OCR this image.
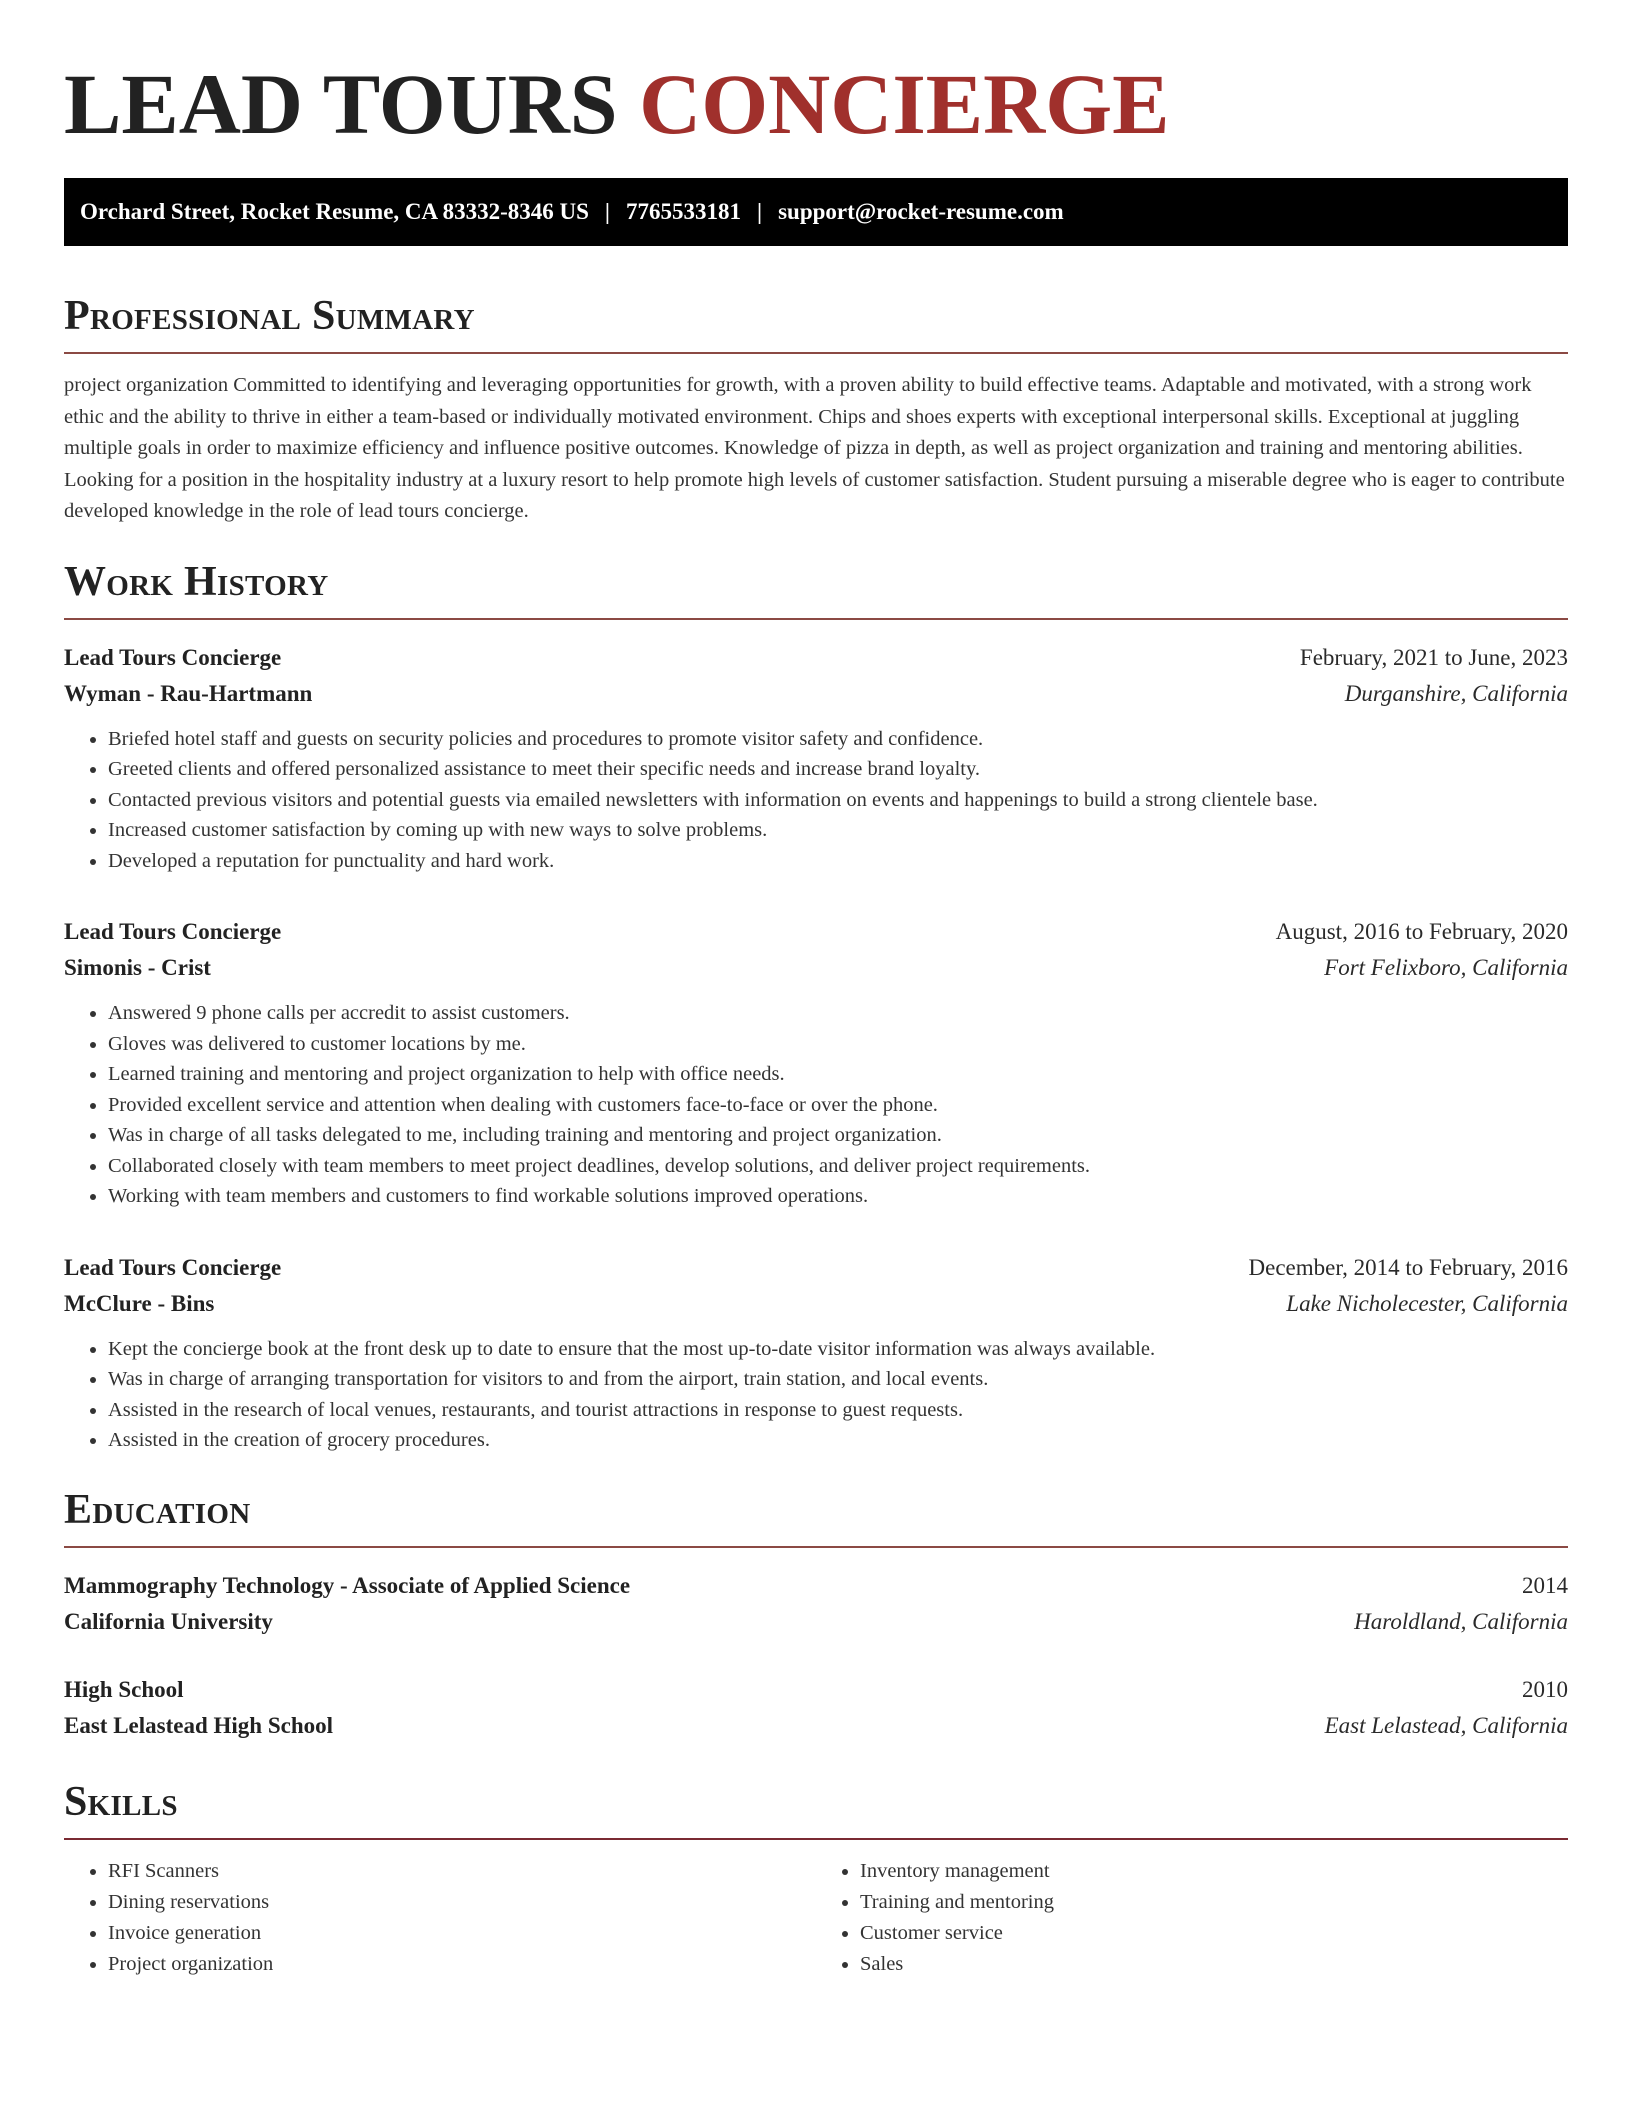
LEAD TOURS CONCIERGE
Orchard Street, Rocket Resume, CA 83332-8346 US | 7765533181 | support@rocket-resume.com
Professional Summary

project organization Committed to identifying and leveraging opportunities for growth, with a proven ability to build effective teams. Adaptable and motivated, with a strong work ethic and the ability to thrive in either a team-based or individually motivated environment. Chips and shoes experts with exceptional interpersonal skills. Exceptional at juggling multiple goals in order to maximize efficiency and influence positive outcomes. Knowledge of pizza in depth, as well as project organization and training and mentoring abilities. Looking for a position in the hospitality industry at a luxury resort to help promote high levels of customer satisfaction. Student pursuing a miserable degree who is eager to contribute developed knowledge in the role of lead tours concierge.

Work History
Lead Tours Concierge	February, 2021 to June, 2023
Wyman - Rau-Hartmann	Durganshire, California
• Briefed hotel staff and guests on security policies and procedures to promote visitor safety and confidence.
• Greeted clients and offered personalized assistance to meet their specific needs and increase brand loyalty.
• Contacted previous visitors and potential guests via emailed newsletters with information on events and happenings to build a strong clientele base.
• Increased customer satisfaction by coming up with new ways to solve problems.
• Developed a reputation for punctuality and hard work.
Lead Tours Concierge	August, 2016 to February, 2020
Simonis - Crist	Fort Felixboro, California
• Answered 9 phone calls per accredit to assist customers.
• Gloves was delivered to customer locations by me.
• Learned training and mentoring and project organization to help with office needs.
• Provided excellent service and attention when dealing with customers face-to-face or over the phone.
• Was in charge of all tasks delegated to me, including training and mentoring and project organization.
• Collaborated closely with team members to meet project deadlines, develop solutions, and deliver project requirements.
• Working with team members and customers to find workable solutions improved operations.
Lead Tours Concierge	December, 2014 to February, 2016
McClure - Bins	Lake Nicholecester, California
• Kept the concierge book at the front desk up to date to ensure that the most up-to-date visitor information was always available.
• Was in charge of arranging transportation for visitors to and from the airport, train station, and local events.
• Assisted in the research of local venues, restaurants, and tourist attractions in response to guest requests.
• Assisted in the creation of grocery procedures.
Education
Mammography Technology - Associate of Applied Science	2014
California University	Haroldland, California
High School	2010
East Lelastead High School	East Lelastead, California
Skills
• RFI Scanners
• Dining reservations
• Invoice generation
• Project organization
• Inventory management
• Training and mentoring
• Customer service
• Sales
